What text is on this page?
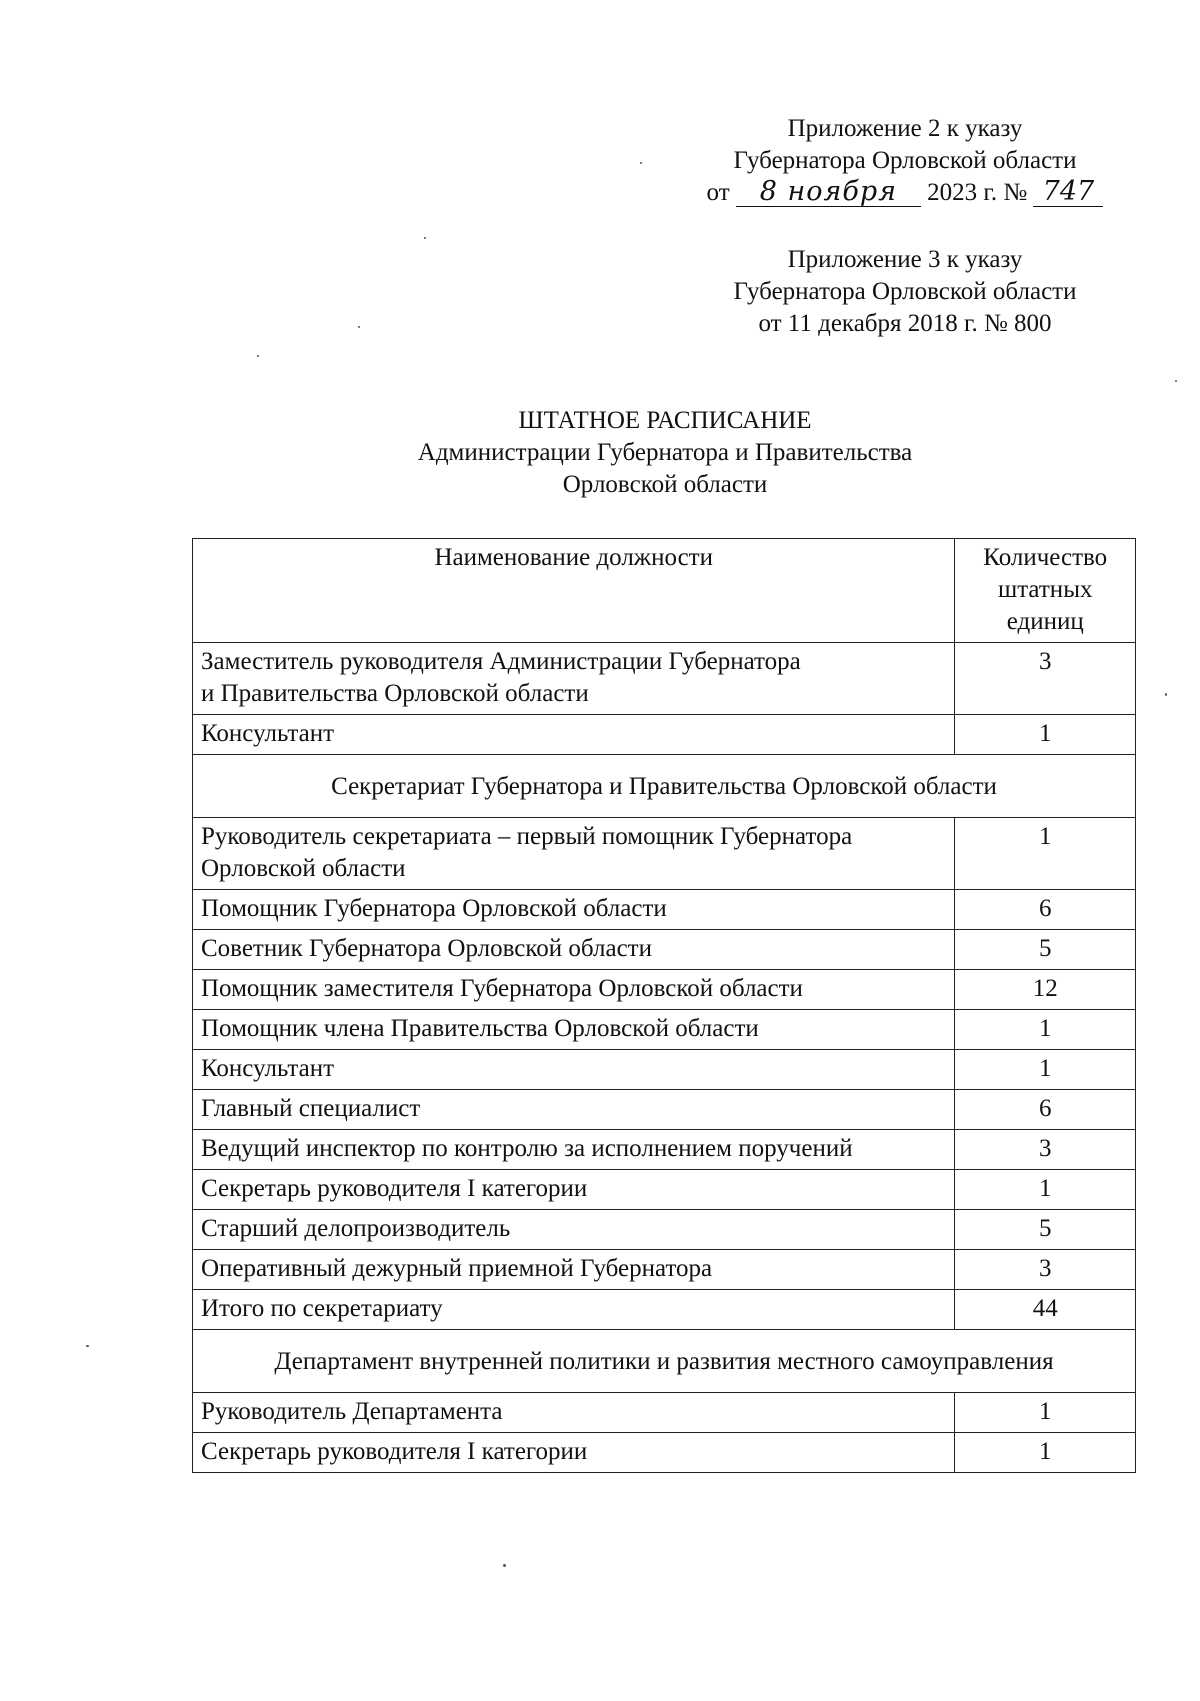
Приложение 2 к указу
Губернатора Орловской области
от 8 ноября 2023 г. № 747
Приложение 3 к указу
Губернатора Орловской области
от 11 декабря 2018 г. № 800
ШТАТНОЕ РАСПИСАНИЕ
Администрации Губернатора и Правительства
Орловской области
Наименование должности	Количество
штатных
единиц

Заместитель руководителя Администрации Губернатора
и Правительства Орловской области	3
Консультант	1
Секретариат Губернатора и Правительства Орловской области	

Руководитель секретариата – первый помощник Губернатора
Орловской области	1
Помощник Губернатора Орловской области	6
Советник Губернатора Орловской области	5
Помощник заместителя Губернатора Орловской области	12
Помощник члена Правительства Орловской области	1
Консультант	1
Главный специалист	6
Ведущий инспектор по контролю за исполнением поручений	3
Секретарь руководителя I категории	1
Старший делопроизводитель	5
Оперативный дежурный приемной Губернатора	3
Итого по секретариату	44
Департамент внутренней политики и развития местного самоуправления	
Руководитель Департамента	1
Секретарь руководителя I категории	1
